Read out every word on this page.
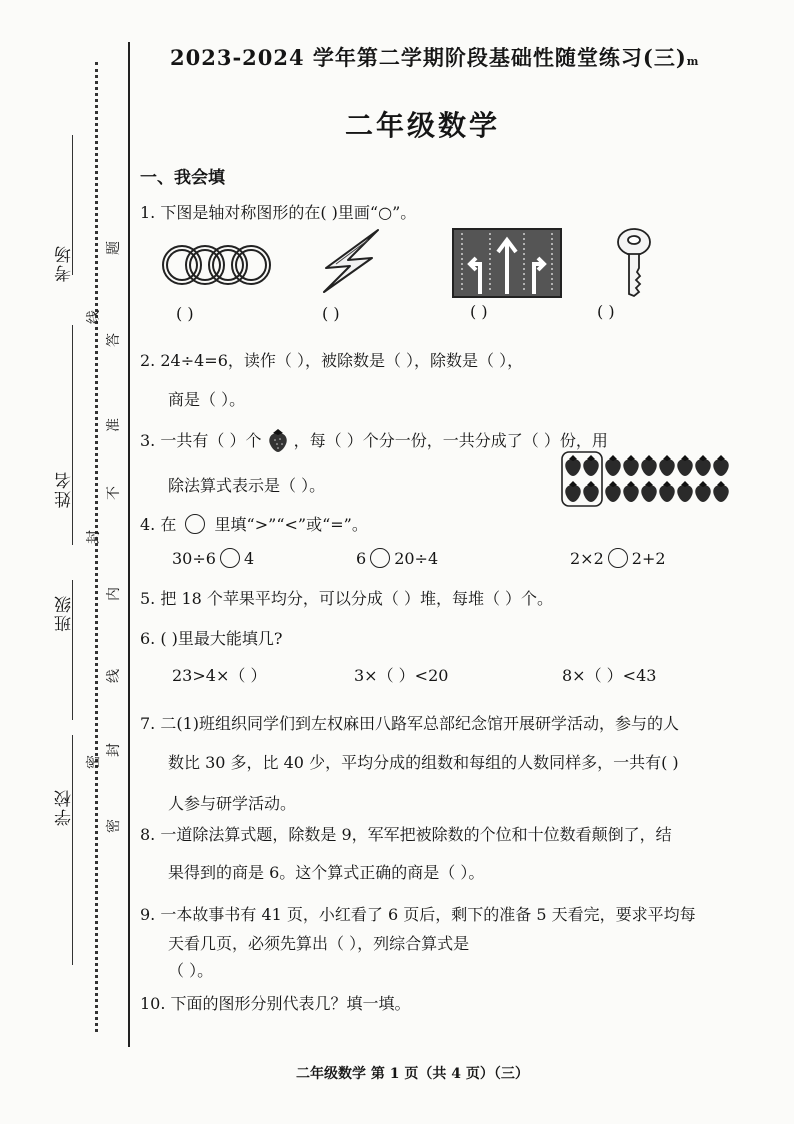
考场
姓名
班级
学校
题
答
准
不
内
线
封
密
线
封
密
2023-2024 学年第二学期阶段基础性随堂练习(三)m
二年级数学
一、我会填
1. 下图是轴对称图形的在( )里画“○”。
( )	( )	( )	( )
2. 24÷4=6，读作（ ），被除数是（ ），除数是（ ），
商是（ ）。
3. 一共有（ ）个 ，每（ ）个分一份，一共分成了（ ）份，用
除法算式表示是（ ）。
4. 在 里填“>”“<”或“=”。
30÷6 4	6 20÷4	2×2 2+2
5. 把 18 个苹果平均分，可以分成（ ）堆，每堆（ ）个。
6. ( )里最大能填几?
23>4×（ ）	3×（ ）<20	8×（ ）<43
7. 二(1)班组织同学们到左权麻田八路军总部纪念馆开展研学活动，参与的人
数比 30 多，比 40 少，平均分成的组数和每组的人数同样多，一共有( )
人参与研学活动。
8. 一道除法算式题，除数是 9，军军把被除数的个位和十位数看颠倒了，结
果得到的商是 6。这个算式正确的商是（ ）。
9. 一本故事书有 41 页，小红看了 6 页后，剩下的准备 5 天看完，要求平均每
天看几页，必须先算出（ ），列综合算式是
（ ）。
10. 下面的图形分别代表几？填一填。
二年级数学 第 1 页（共 4 页）（三）
